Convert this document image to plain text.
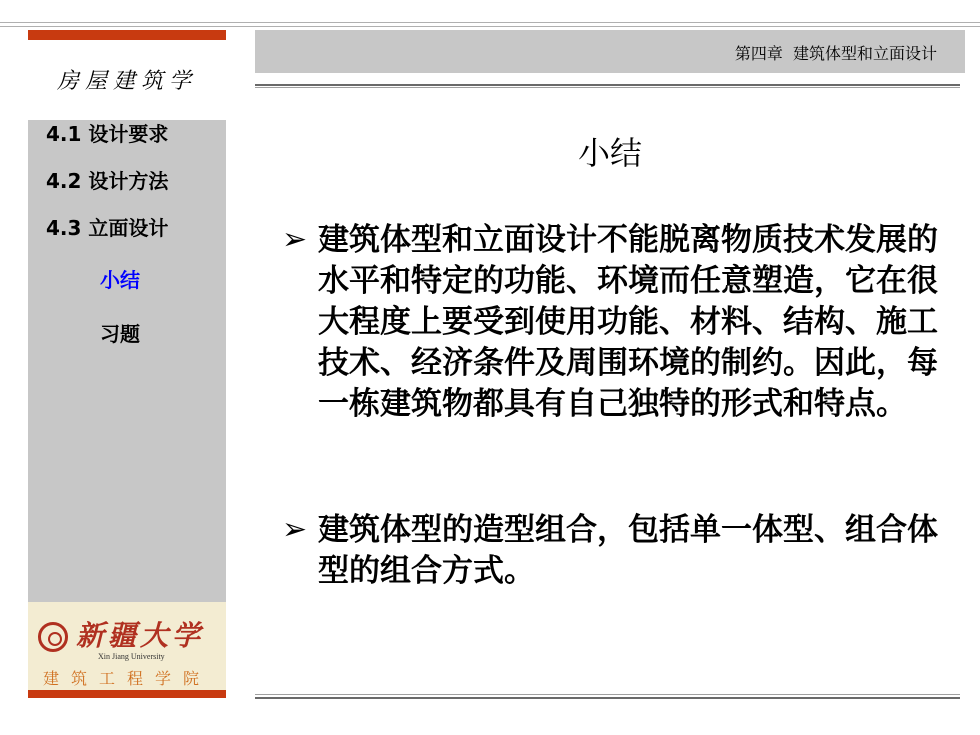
房屋建筑学
4.1 设计要求
4.2 设计方法
4.3 立面设计
小结
习题
新疆大学
Xin Jiang University
建筑工程学院
第四章  建筑体型和立面设计
小结
➢ 建筑体型和立面设计不能脱离物质技术发展的水平和特定的功能、环境而任意塑造，它在很大程度上要受到使用功能、材料、结构、施工技术、经济条件及周围环境的制约。因此，每一栋建筑物都具有自己独特的形式和特点。
➢ 建筑体型的造型组合，包括单一体型、组合体型的组合方式。
